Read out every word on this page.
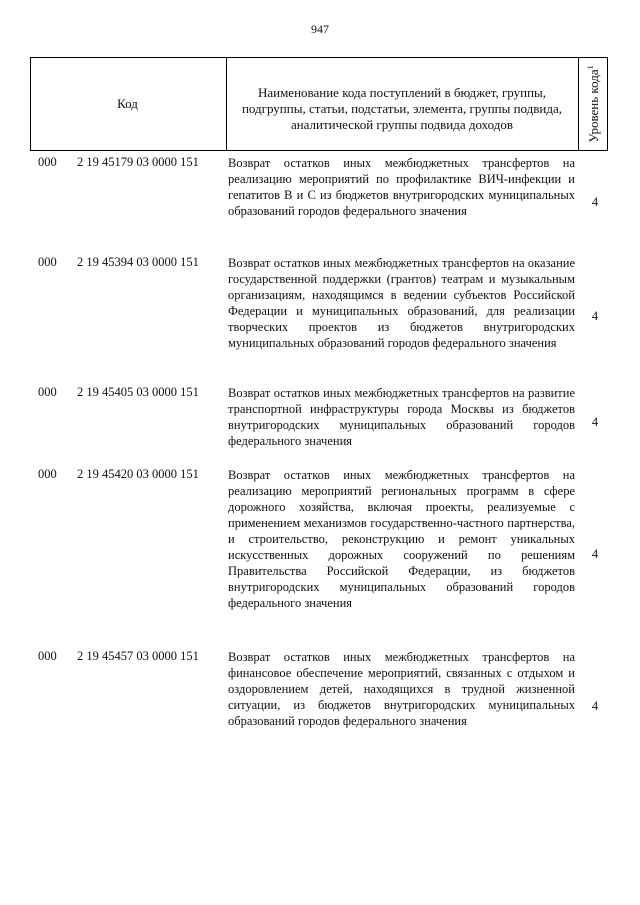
947
Код
Наименование кода поступлений в бюджет, группы, подгруппы, статьи, подстатьи, элемента, группы подвида, аналитической группы подвида доходов	Уровень кода$^1$
000 2 19 45179 03 0000 151 Возврат остатков иных межбюджетных трансфертов на реализацию мероприятий по профилактике ВИЧ-инфекции и гепатитов В и С из бюджетов внутригородских муниципальных образований городов федерального значения
4
000 2 19 45394 03 0000 151 Возврат остатков иных межбюджетных трансфертов на оказание государственной поддержки (грантов) театрам и музыкальным организациям, находящимся в ведении субъектов Российской Федерации и муниципальных образований, для реализации творческих проектов из бюджетов внутригородских муниципальных образований городов федерального значения
4
000 2 19 45405 03 0000 151 Возврат остатков иных межбюджетных трансфертов на развитие транспортной инфраструктуры города Москвы из бюджетов внутригородских муниципальных образований городов федерального значения
4
000 2 19 45420 03 0000 151 Возврат остатков иных межбюджетных трансфертов на реализацию мероприятий региональных программ в сфере дорожного хозяйства, включая проекты, реализуемые с применением механизмов государственно-частного партнерства, и строительство, реконструкцию и ремонт уникальных искусственных дорожных сооружений по решениям Правительства Российской Федерации, из бюджетов внутригородских муниципальных образований городов федерального значения
4
000 2 19 45457 03 0000 151 Возврат остатков иных межбюджетных трансфертов на финансовое обеспечение мероприятий, связанных с отдыхом и оздоровлением детей, находящихся в трудной жизненной ситуации, из бюджетов внутригородских муниципальных образований городов федерального значения
4
